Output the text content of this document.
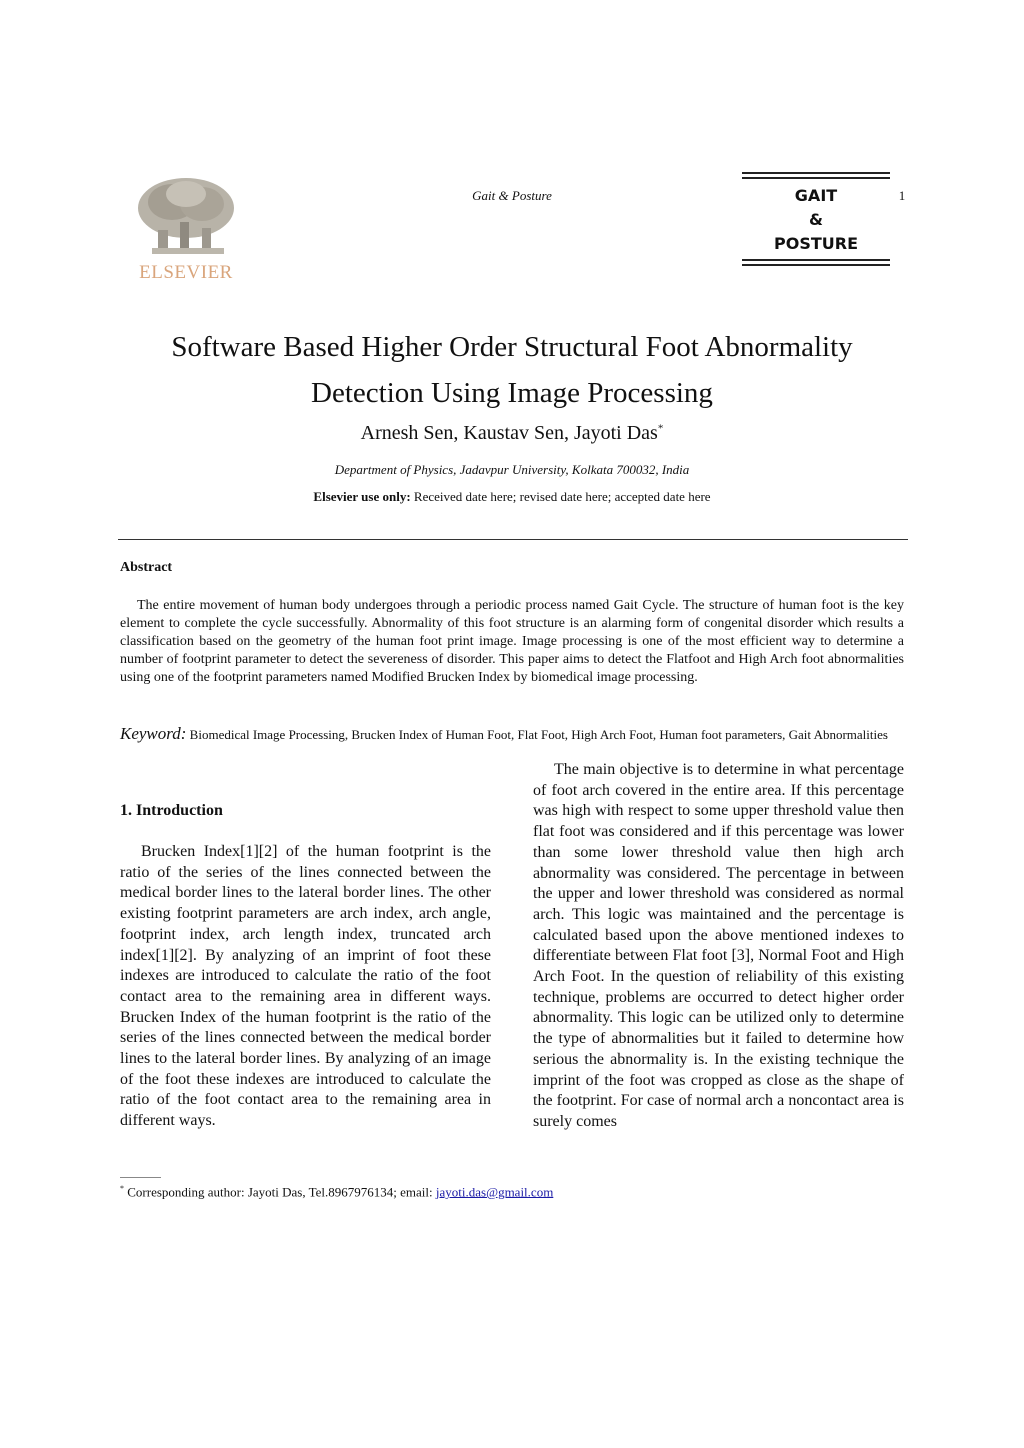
ELSEVIER
Gait & Posture	1
GAIT
&
POSTURE
Software Based Higher Order Structural Foot Abnormality
Detection Using Image Processing
Arnesh Sen, Kaustav Sen, Jayoti Das*
Department of Physics, Jadavpur University, Kolkata 700032, India
Elsevier use only: Received date here; revised date here; accepted date here
Abstract
The entire movement of human body undergoes through a periodic process named Gait Cycle. The structure of human foot is the key element to complete the cycle successfully. Abnormality of this foot structure is an alarming form of congenital disorder which results a classification based on the geometry of the human foot print image. Image processing is one of the most efficient way to determine a number of footprint parameter to detect the severeness of disorder. This paper aims to detect the Flatfoot and High Arch foot abnormalities using one of the footprint parameters named Modified Brucken Index by biomedical image processing.
Keyword: Biomedical Image Processing, Brucken Index of Human Foot, Flat Foot, High Arch Foot, Human foot parameters, Gait Abnormalities
1. Introduction
Brucken Index[1][2] of the human footprint is the ratio of the series of the lines connected between the medical border lines to the lateral border lines. The other existing footprint parameters are arch index, arch angle, footprint index, arch length index, truncated arch index[1][2]. By analyzing of an imprint of foot these indexes are introduced to calculate the ratio of the foot contact area to the remaining area in different ways. Brucken Index of the human footprint is the ratio of the series of the lines connected between the medical border lines to the lateral border lines. By analyzing of an image of the foot these indexes are introduced to calculate the ratio of the foot contact area to the remaining area in different ways.
The main objective is to determine in what percentage of foot arch covered in the entire area. If this percentage was high with respect to some upper threshold value then flat foot was considered and if this percentage was lower than some lower threshold value then high arch abnormality was considered. The percentage in between the upper and lower threshold was considered as normal arch. This logic was maintained and the percentage is calculated based upon the above mentioned indexes to differentiate between Flat foot [3], Normal Foot and High Arch Foot. In the question of reliability of this existing technique, problems are occurred to detect higher order abnormality. This logic can be utilized only to determine the type of abnormalities but it failed to determine how serious the abnormality is. In the existing technique the imprint of the foot was cropped as close as the shape of the footprint. For case of normal arch a noncontact area is surely comes
* Corresponding author: Jayoti Das, Tel.8967976134; email: jayoti.das@gmail.com
